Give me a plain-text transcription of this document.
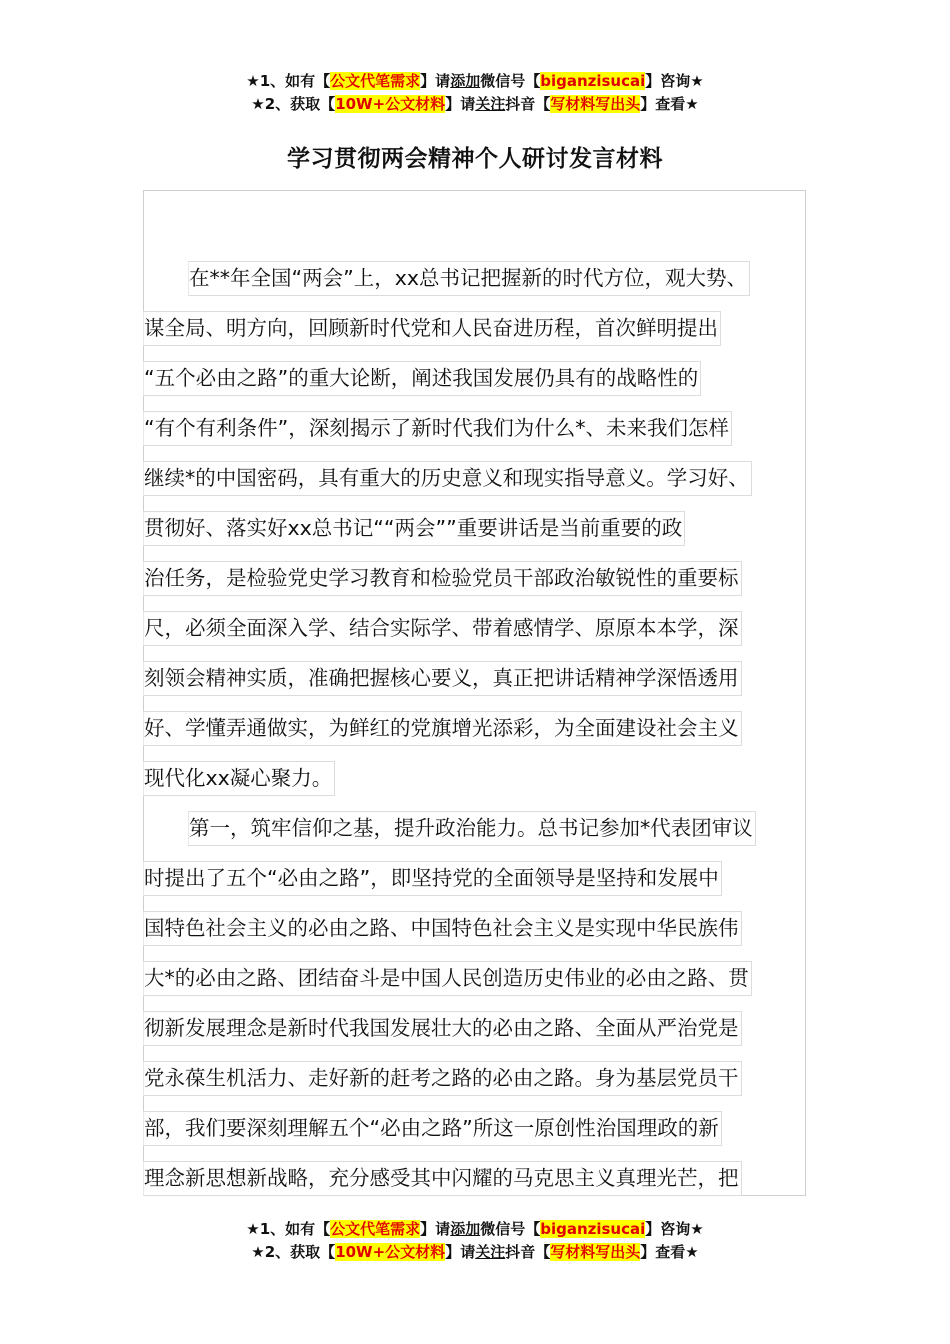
★1、如有【公文代笔需求】请添加微信号【biganzisucai】咨询★
★2、获取【10W+公文材料】请关注抖音【写材料写出头】查看★
学习贯彻两会精神个人研讨发言材料
在**年全国“两会”上，xx总书记把握新的时代方位，观大势、
谋全局、明方向，回顾新时代党和人民奋进历程，首次鲜明提出
“五个必由之路”的重大论断，阐述我国发展仍具有的战略性的
“有个有利条件”，深刻揭示了新时代我们为什么*、未来我们怎样
继续*的中国密码，具有重大的历史意义和现实指导意义。学习好、
贯彻好、落实好xx总书记““两会””重要讲话是当前重要的政
治任务，是检验党史学习教育和检验党员干部政治敏锐性的重要标
尺，必须全面深入学、结合实际学、带着感情学、原原本本学，深
刻领会精神实质，准确把握核心要义，真正把讲话精神学深悟透用
好、学懂弄通做实，为鲜红的党旗增光添彩，为全面建设社会主义
现代化xx凝心聚力。
第一，筑牢信仰之基，提升政治能力。总书记参加*代表团审议
时提出了五个“必由之路”，即坚持党的全面领导是坚持和发展中
国特色社会主义的必由之路、中国特色社会主义是实现中华民族伟
大*的必由之路、团结奋斗是中国人民创造历史伟业的必由之路、贯
彻新发展理念是新时代我国发展壮大的必由之路、全面从严治党是
党永葆生机活力、走好新的赶考之路的必由之路。身为基层党员干
部，我们要深刻理解五个“必由之路”所这一原创性治国理政的新
理念新思想新战略，充分感受其中闪耀的马克思主义真理光芒，把
★1、如有【公文代笔需求】请添加微信号【biganzisucai】咨询★
★2、获取【10W+公文材料】请关注抖音【写材料写出头】查看★
